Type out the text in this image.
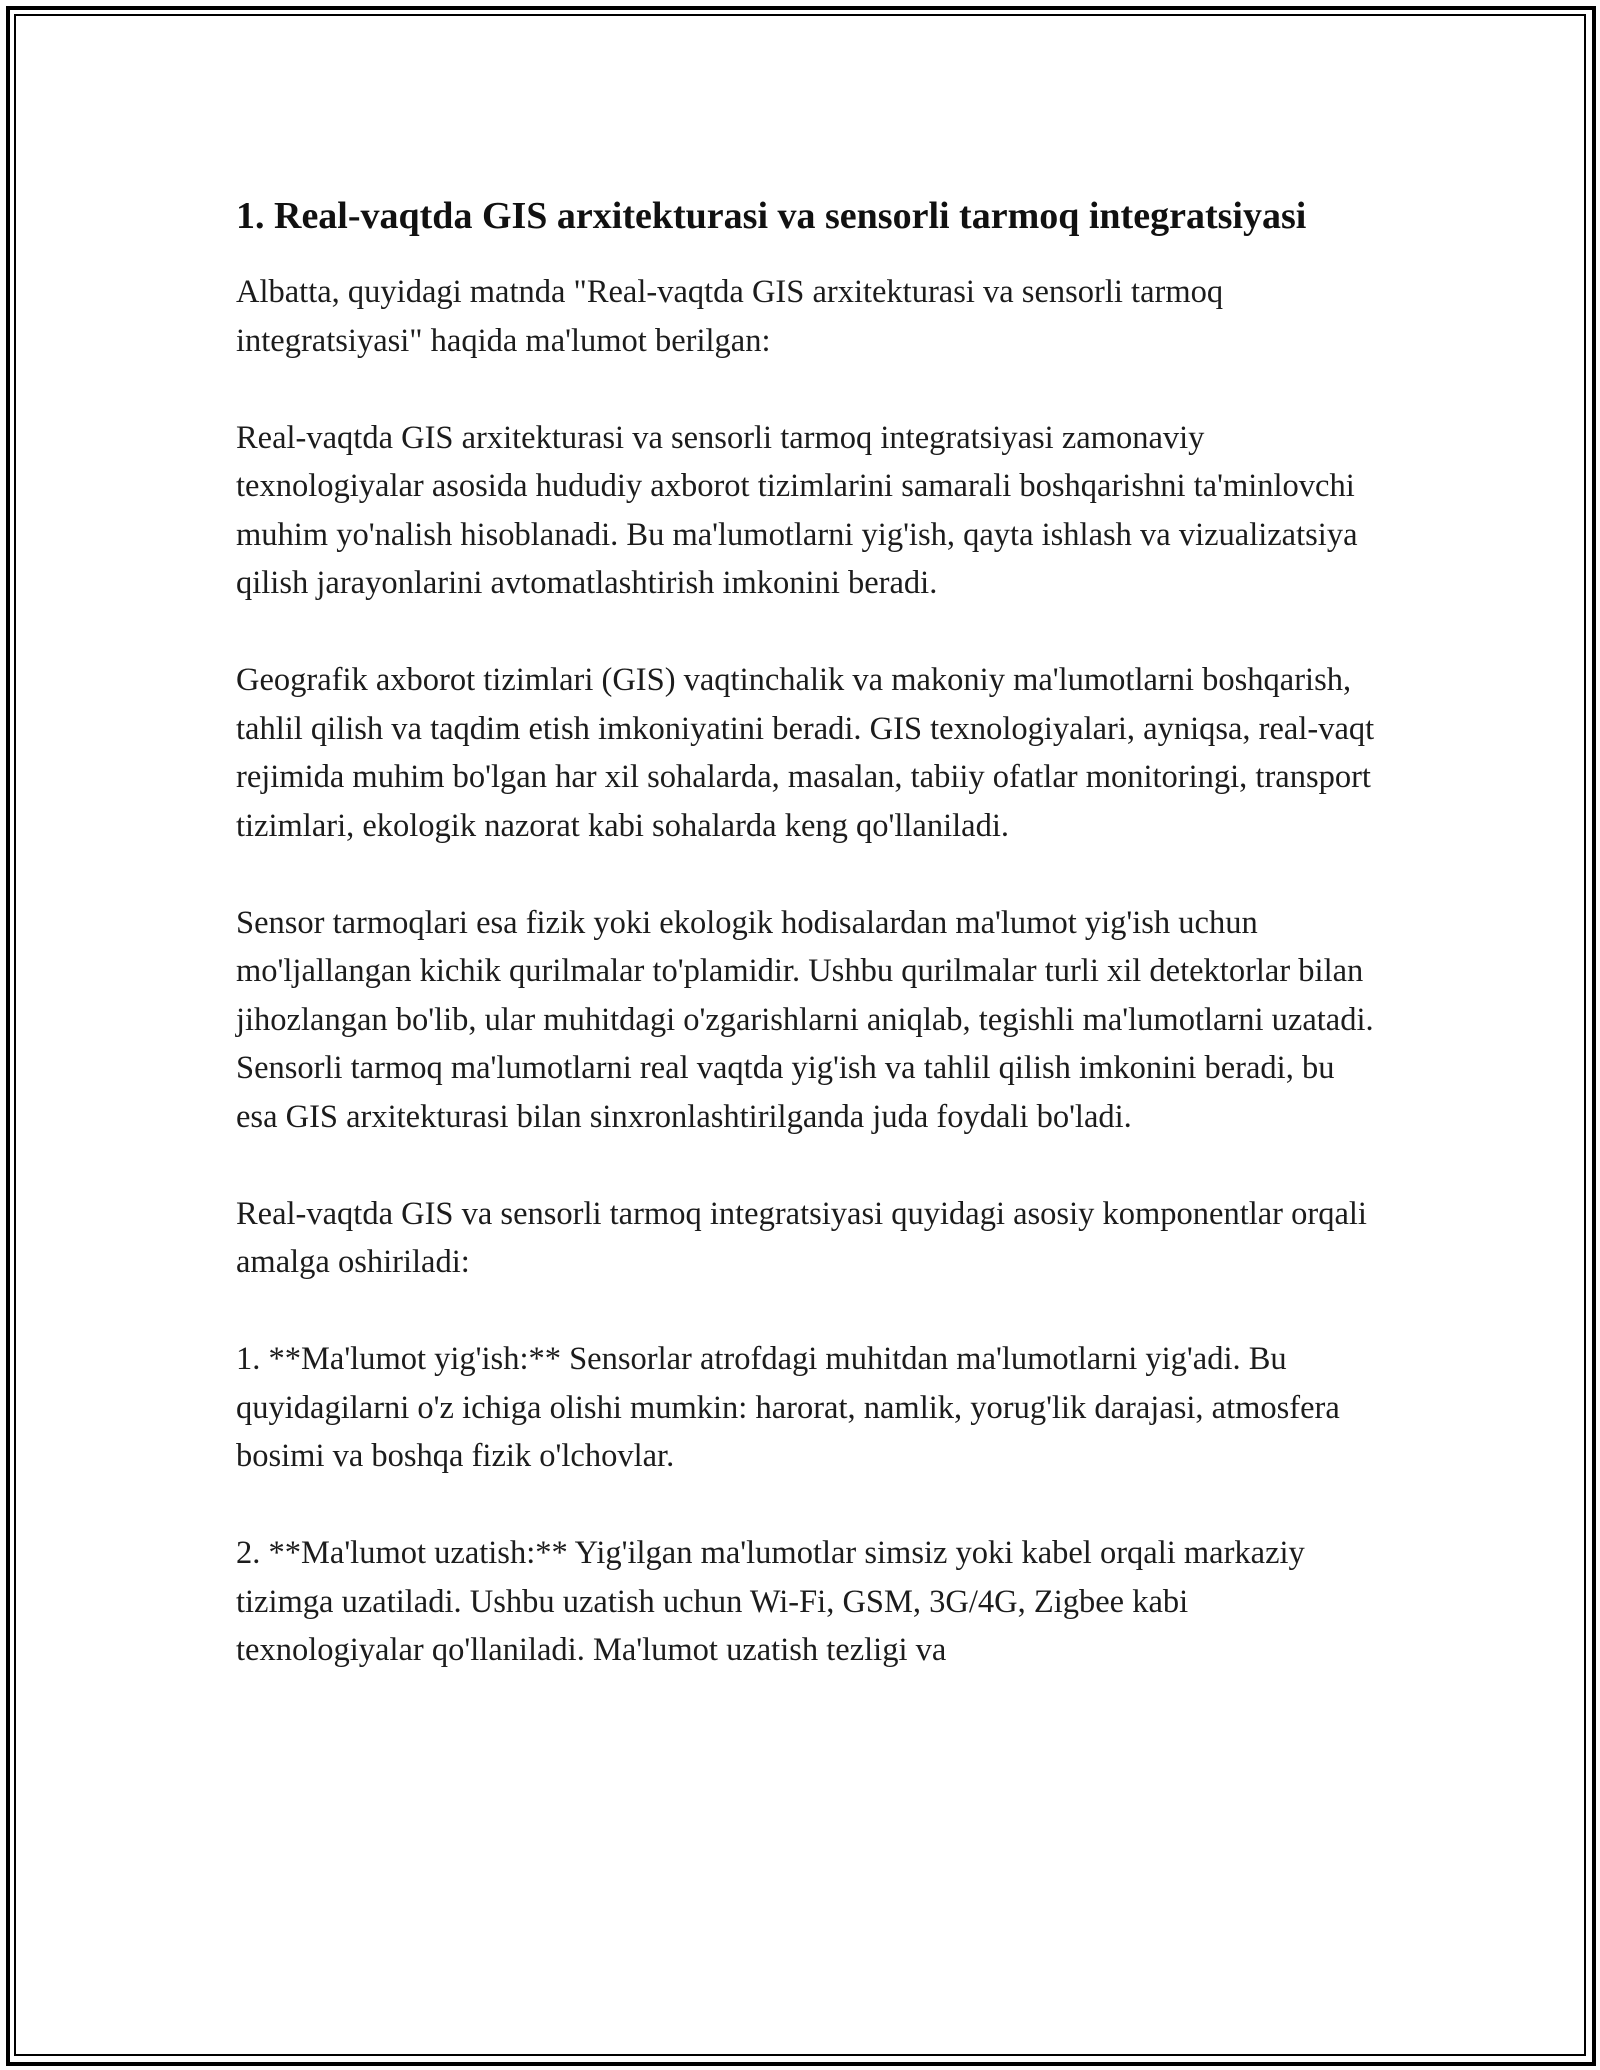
1. Real-vaqtda GIS arxitekturasi va sensorli tarmoq integratsiyasi

Albatta, quyidagi matnda "Real-vaqtda GIS arxitekturasi va sensorli tarmoq integratsiyasi" haqida ma'lumot berilgan:

Real-vaqtda GIS arxitekturasi va sensorli tarmoq integratsiyasi zamonaviy texnologiyalar asosida hududiy axborot tizimlarini samarali boshqarishni ta'minlovchi muhim yo'nalish hisoblanadi. Bu ma'lumotlarni yig'ish, qayta ishlash va vizualizatsiya qilish jarayonlarini avtomatlashtirish imkonini beradi.

Geografik axborot tizimlari (GIS) vaqtinchalik va makoniy ma'lumotlarni boshqarish, tahlil qilish va taqdim etish imkoniyatini beradi. GIS texnologiyalari, ayniqsa, real-vaqt rejimida muhim bo'lgan har xil sohalarda, masalan, tabiiy ofatlar monitoringi, transport tizimlari, ekologik nazorat kabi sohalarda keng qo'llaniladi.

Sensor tarmoqlari esa fizik yoki ekologik hodisalardan ma'lumot yig'ish uchun mo'ljallangan kichik qurilmalar to'plamidir. Ushbu qurilmalar turli xil detektorlar bilan jihozlangan bo'lib, ular muhitdagi o'zgarishlarni aniqlab, tegishli ma'lumotlarni uzatadi. Sensorli tarmoq ma'lumotlarni real vaqtda yig'ish va tahlil qilish imkonini beradi, bu esa GIS arxitekturasi bilan sinxronlashtirilganda juda foydali bo'ladi.

Real-vaqtda GIS va sensorli tarmoq integratsiyasi quyidagi asosiy komponentlar orqali amalga oshiriladi:

1. **Ma'lumot yig'ish:** Sensorlar atrofdagi muhitdan ma'lumotlarni yig'adi. Bu quyidagilarni o'z ichiga olishi mumkin: harorat, namlik, yorug'lik darajasi, atmosfera bosimi va boshqa fizik o'lchovlar.

2. **Ma'lumot uzatish:** Yig'ilgan ma'lumotlar simsiz yoki kabel orqali markaziy tizimga uzatiladi. Ushbu uzatish uchun Wi-Fi, GSM, 3G/4G, Zigbee kabi texnologiyalar qo'llaniladi. Ma'lumot uzatish tezligi va
